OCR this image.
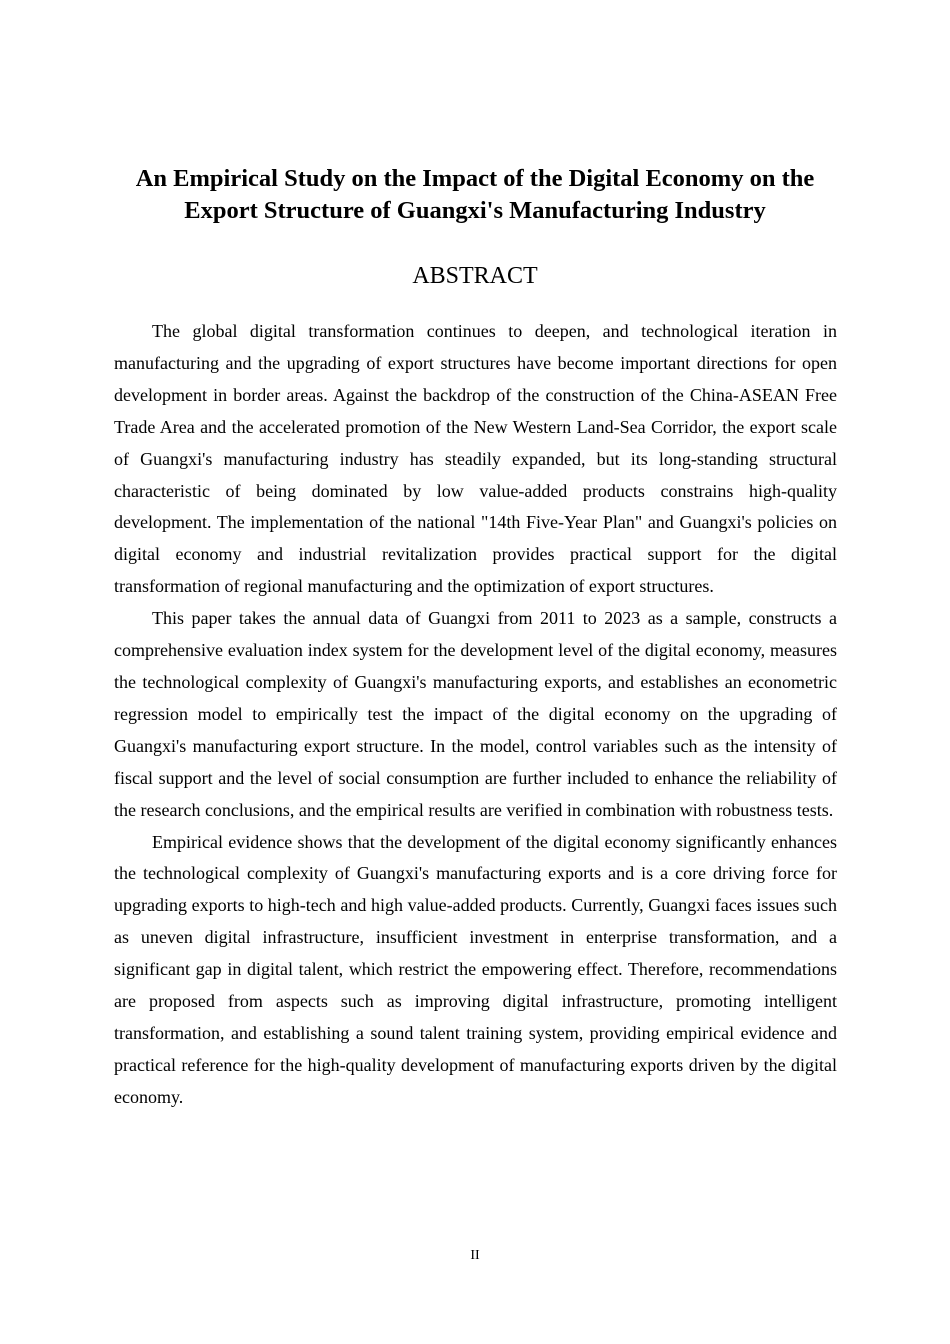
An Empirical Study on the Impact of the Digital Economy on the Export Structure of Guangxi's Manufacturing Industry
ABSTRACT

The global digital transformation continues to deepen, and technological iteration in manufacturing and the upgrading of export structures have become important directions for open development in border areas. Against the backdrop of the construction of the China-ASEAN Free Trade Area and the accelerated promotion of the New Western Land-Sea Corridor, the export scale of Guangxi's manufacturing industry has steadily expanded, but its long-standing structural characteristic of being dominated by low value-added products constrains high-quality development. The implementation of the national "14th Five-Year Plan" and Guangxi's policies on digital economy and industrial revitalization provides practical support for the digital transformation of regional manufacturing and the optimization of export structures.

This paper takes the annual data of Guangxi from 2011 to 2023 as a sample, constructs a comprehensive evaluation index system for the development level of the digital economy, measures the technological complexity of Guangxi's manufacturing exports, and establishes an econometric regression model to empirically test the impact of the digital economy on the upgrading of Guangxi's manufacturing export structure. In the model, control variables such as the intensity of fiscal support and the level of social consumption are further included to enhance the reliability of the research conclusions, and the empirical results are verified in combination with robustness tests.

Empirical evidence shows that the development of the digital economy significantly enhances the technological complexity of Guangxi's manufacturing exports and is a core driving force for upgrading exports to high-tech and high value-added products. Currently, Guangxi faces issues such as uneven digital infrastructure, insufficient investment in enterprise transformation, and a significant gap in digital talent, which restrict the empowering effect. Therefore, recommendations are proposed from aspects such as improving digital infrastructure, promoting intelligent transformation, and establishing a sound talent training system, providing empirical evidence and practical reference for the high-quality development of manufacturing exports driven by the digital economy.

II
